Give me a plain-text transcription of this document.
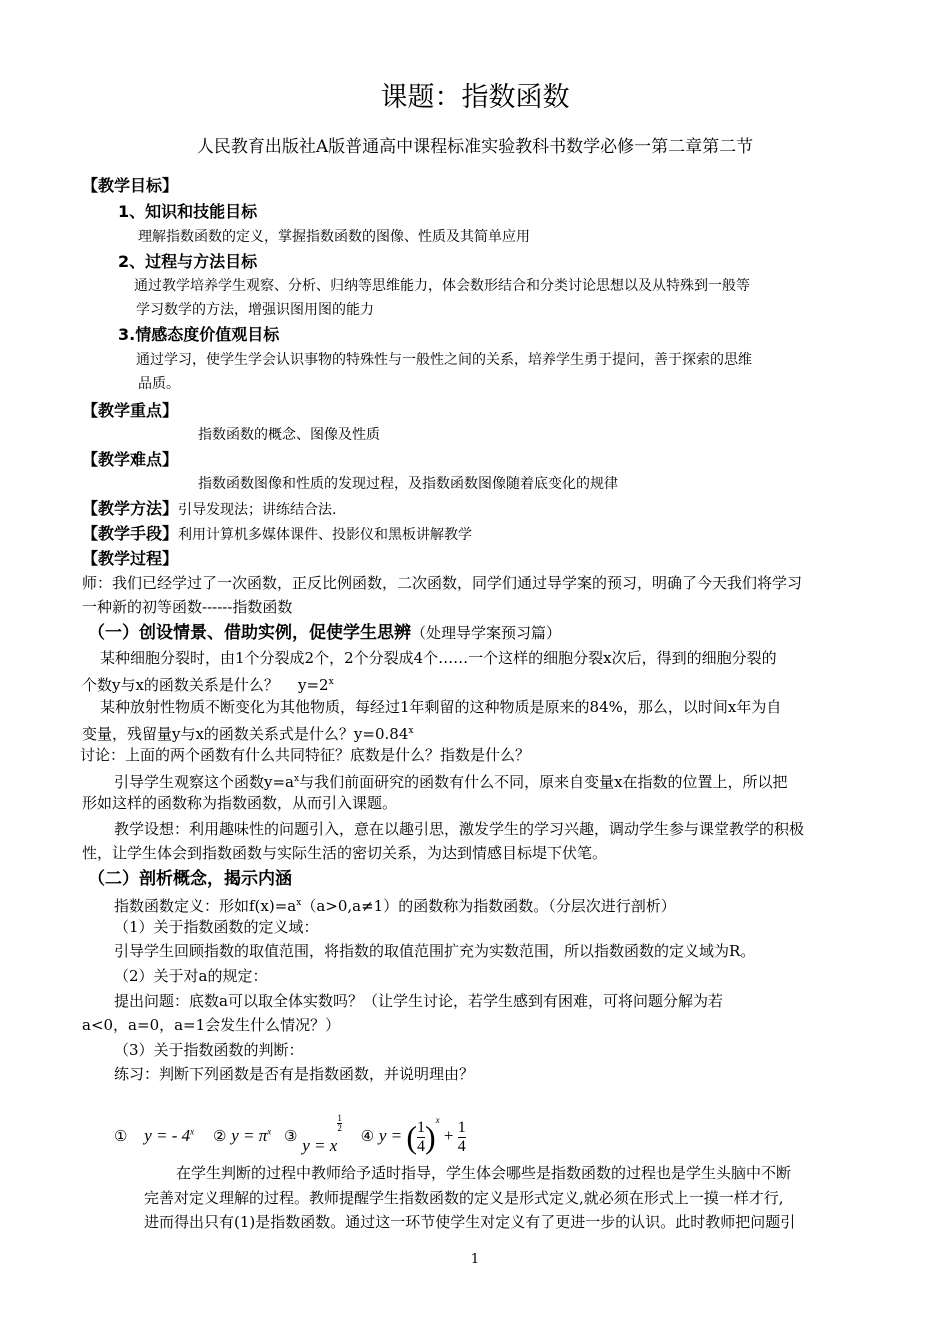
课题：指数函数
人民教育出版社A版普通高中课程标准实验教科书数学必修一第二章第二节
【教学目标】
1、知识和技能目标
理解指数函数的定义，掌握指数函数的图像、性质及其简单应用
2、过程与方法目标
通过教学培养学生观察、分析、归纳等思维能力，体会数形结合和分类讨论思想以及从特殊到一般等
学习数学的方法，增强识图用图的能力
3.情感态度价值观目标
通过学习，使学生学会认识事物的特殊性与一般性之间的关系，培养学生勇于提问，善于探索的思维
品质。
【教学重点】
指数函数的概念、图像及性质
【教学难点】
指数函数图像和性质的发现过程，及指数函数图像随着底变化的规律
【教学方法】引导发现法；讲练结合法.
【教学手段】利用计算机多媒体课件、投影仪和黑板讲解教学
【教学过程】
师：我们已经学过了一次函数，正反比例函数，二次函数，同学们通过导学案的预习，明确了今天我们将学习
一种新的初等函数------指数函数
（一）创设情景、借助实例，促使学生思辨（处理导学案预习篇）
某种细胞分裂时，由1个分裂成2个，2个分裂成4个……一个这样的细胞分裂x次后，得到的细胞分裂的
个数y与x的函数关系是什么？ $y=2^x$
某种放射性物质不断变化为其他物质，每经过1年剩留的这种物质是原来的84%，那么，以时间x年为自
变量，残留量y与x的函数关系式是什么？$y=0.84^x$
讨论：上面的两个函数有什么共同特征？底数是什么？指数是什么？
引导学生观察这个函数$y=a^x$与我们前面研究的函数有什么不同，原来自变量x在指数的位置上，所以把
形如这样的函数称为指数函数，从而引入课题。
教学设想：利用趣味性的问题引入，意在以趣引思，激发学生的学习兴趣，调动学生参与课堂教学的积极
性，让学生体会到指数函数与实际生活的密切关系，为达到情感目标堤下伏笔。
（二）剖析概念，揭示内涵
指数函数定义：形如$f(x)=a^x(a>0,a\ne 1)$的函数称为指数函数。（分层次进行剖析）
（1）关于指数函数的定义域：
引导学生回顾指数的取值范围，将指数的取值范围扩充为实数范围，所以指数函数的定义域为R。
（2）关于对a的规定：
提出问题：底数a可以取全体实数吗？（让学生讨论，若学生感到有困难，可将问题分解为若
a<0，a=0，a=1会发生什么情况？）
（3）关于指数函数的判断：
练习：判断下列函数是否有是指数函数，并说明理由？
① y = - 4$^x$ ② $y = \pi^x$ ③ y = x
$\frac{1}{2}$
④ y = ( $\frac{1}{4} )^x + \frac{1}{4}$
在学生判断的过程中教师给予适时指导，学生体会哪些是指数函数的过程也是学生头脑中不断
完善对定义理解的过程。教师提醒学生指数函数的定义是形式定义,就必须在形式上一摸一样才行,
进而得出只有(1)是指数函数。通过这一环节使学生对定义有了更进一步的认识。此时教师把问题引
1
